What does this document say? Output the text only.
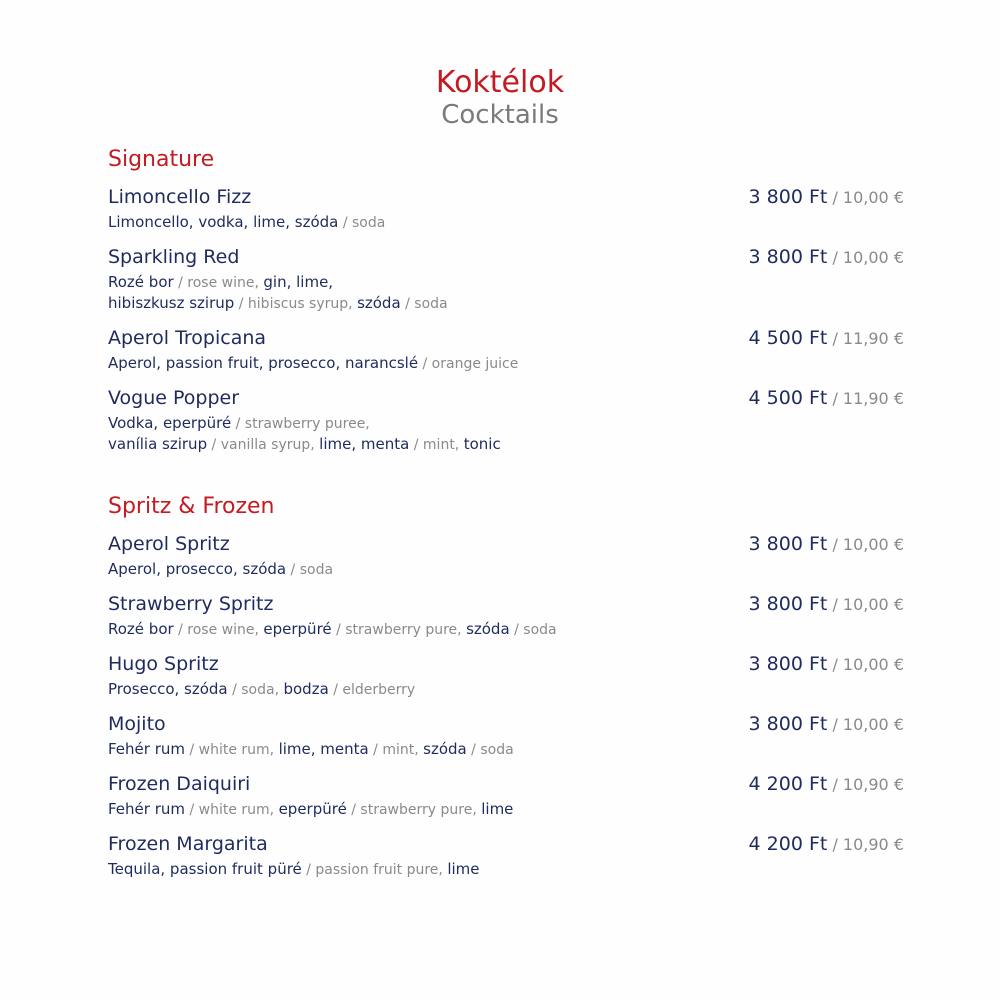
Koktélok
Cocktails
Signature
Limoncello Fizz	3 800 Ft / 10,00 €
Limoncello, vodka, lime, szóda / soda
Sparkling Red	3 800 Ft / 10,00 €
Rozé bor / rose wine, gin, lime,
hibiszkusz szirup / hibiscus syrup, szóda / soda
Aperol Tropicana	4 500 Ft / 11,90 €
Aperol, passion fruit, prosecco, narancslé / orange juice
Vogue Popper	4 500 Ft / 11,90 €
Vodka, eperpüré / strawberry puree,
vanília szirup / vanilla syrup, lime, menta / mint, tonic
Spritz & Frozen
Aperol Spritz	3 800 Ft / 10,00 €
Aperol, prosecco, szóda / soda
Strawberry Spritz	3 800 Ft / 10,00 €
Rozé bor / rose wine, eperpüré / strawberry pure, szóda / soda
Hugo Spritz	3 800 Ft / 10,00 €
Prosecco, szóda / soda, bodza / elderberry
Mojito	3 800 Ft / 10,00 €
Fehér rum / white rum, lime, menta / mint, szóda / soda
Frozen Daiquiri	4 200 Ft / 10,90 €
Fehér rum / white rum, eperpüré / strawberry pure, lime
Frozen Margarita	4 200 Ft / 10,90 €
Tequila, passion fruit püré / passion fruit pure, lime
